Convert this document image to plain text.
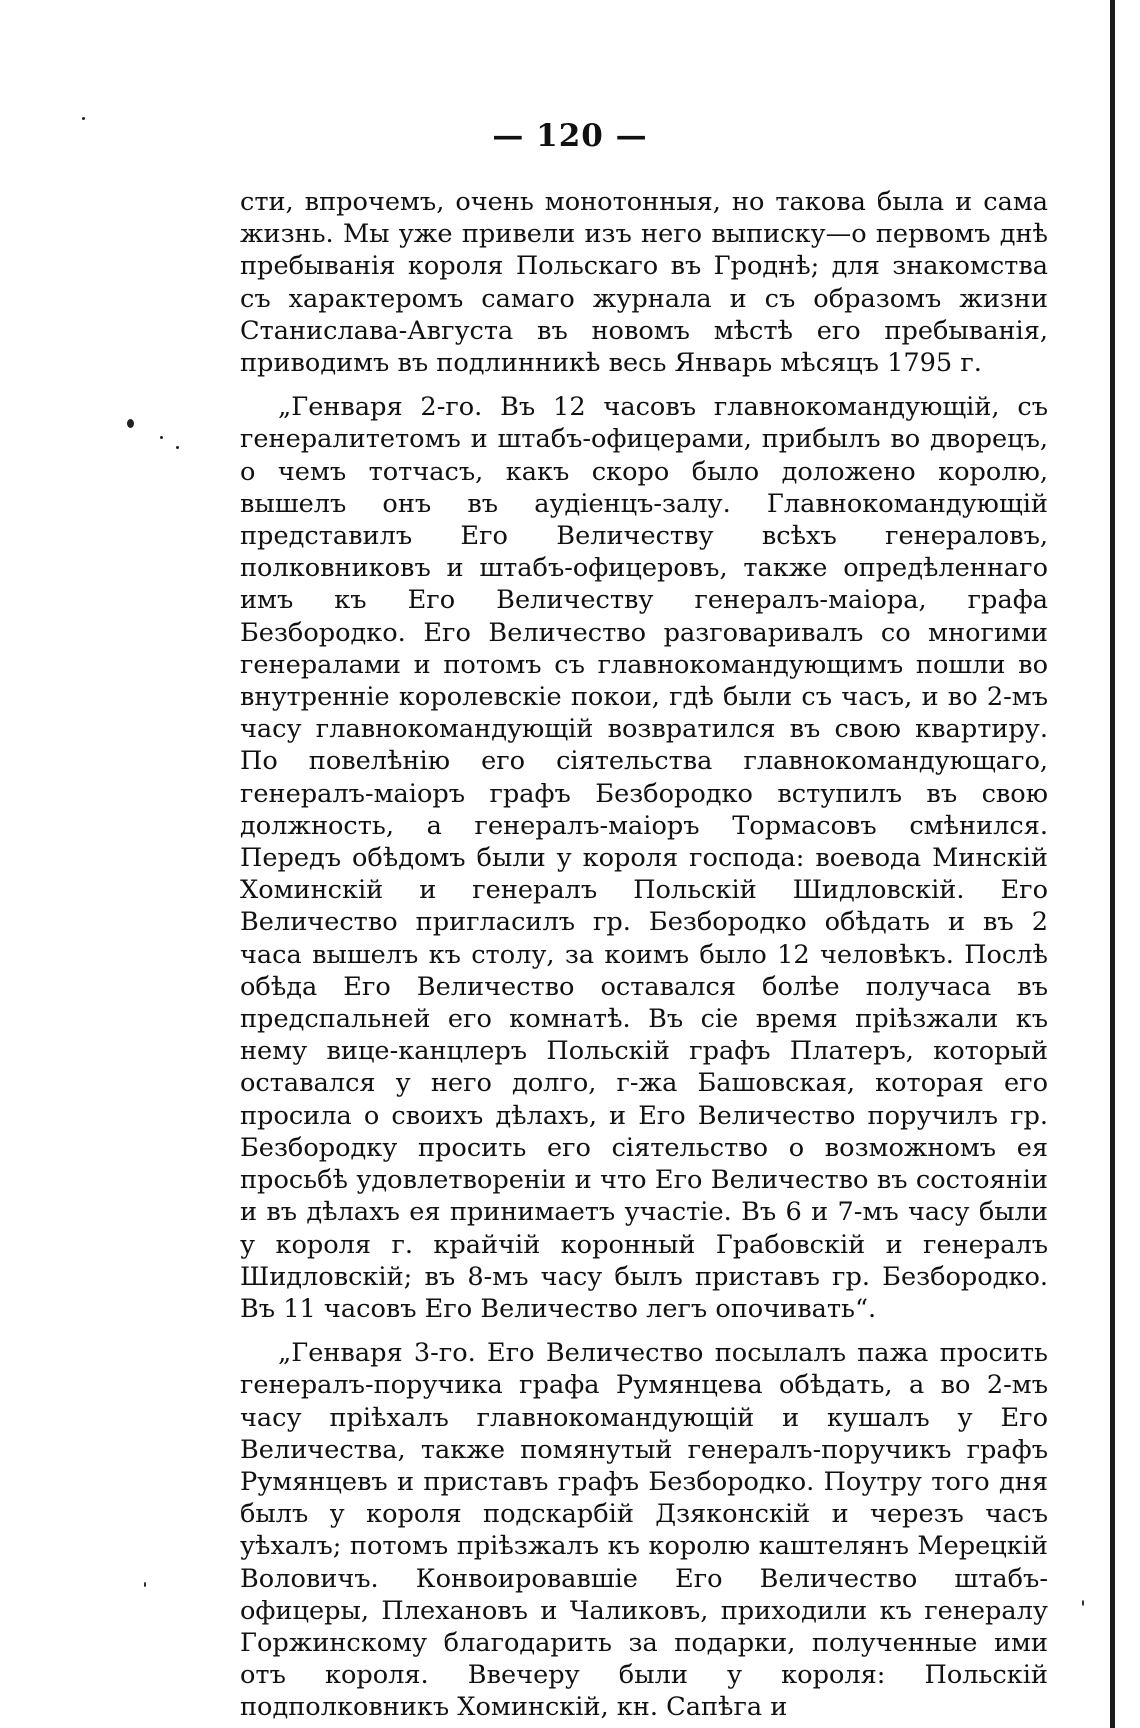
— 120 —

сти, впрочемъ, очень монотонныя, но такова была и сама жизнь. Мы уже привели изъ него выписку—о первомъ днѣ пребыванія короля Польскаго въ Гроднѣ; для знакомства съ характеромъ самаго журнала и съ образомъ жизни Станислава-Августа въ новомъ мѣстѣ его пребыванія, приводимъ въ подлинникѣ весь Январь мѣсяцъ 1795 г.

„Генваря 2-го. Въ 12 часовъ главнокомандующій, съ генералитетомъ и штабъ-офицерами, прибылъ во дворецъ, о чемъ тотчасъ, какъ скоро было доложено королю, вышелъ онъ въ аудіенцъ-залу. Главнокомандующій представилъ Его Величеству всѣхъ генераловъ, полковниковъ и штабъ-офицеровъ, также опредѣленнаго имъ къ Его Величеству генералъ-маіора, графа Безбородко. Его Величество разговаривалъ со многими генералами и потомъ съ главнокомандующимъ пошли во внутренніе королевскіе покои, гдѣ были съ часъ, и во 2-мъ часу главнокомандующій возвратился въ свою квартиру. По повелѣнію его сіятельства главнокомандующаго, генералъ-маіоръ графъ Безбородко вступилъ въ свою должность, а генералъ-маіоръ Тормасовъ смѣнился. Передъ обѣдомъ были у короля господа: воевода Минскій Хоминскій и генералъ Польскій Шидловскій. Его Величество пригласилъ гр. Безбородко обѣдать и въ 2 часа вышелъ къ столу, за коимъ было 12 человѣкъ. Послѣ обѣда Его Величество оставался болѣе получаса въ предспальней его комнатѣ. Въ сіе время пріѣзжали къ нему вице-канцлеръ Польскій графъ Платеръ, который оставался у него долго, г-жа Башовская, которая его просила о своихъ дѣлахъ, и Его Величество поручилъ гр. Безбородку просить его сіятельство о возможномъ ея просьбѣ удовлетвореніи и что Его Величество въ состояніи и въ дѣлахъ ея принимаетъ участіе. Въ 6 и 7-мъ часу были у короля г. крайчій коронный Грабовскій и генералъ Шидловскій; въ 8-мъ часу былъ приставъ гр. Безбородко. Въ 11 часовъ Его Величество легъ опочивать“.

„Генваря 3-го. Его Величество посылалъ пажа просить генералъ-поручика графа Румянцева обѣдать, а во 2-мъ часу пріѣхалъ главнокомандующій и кушалъ у Его Величества, также помянутый генералъ-поручикъ графъ Румянцевъ и приставъ графъ Безбородко. Поутру того дня былъ у короля подскарбій Дзяконскій и черезъ часъ уѣхалъ; потомъ пріѣзжалъ къ королю каштелянъ Мерецкій Воловичъ. Конвоировавшіе Его Величество штабъ-офицеры, Плехановъ и Чаликовъ, приходили къ генералу Горжинскому благодарить за подарки, полученные ими отъ короля. Ввечеру были у короля: Польскій подполковникъ Хоминскій, кн. Сапѣга и
